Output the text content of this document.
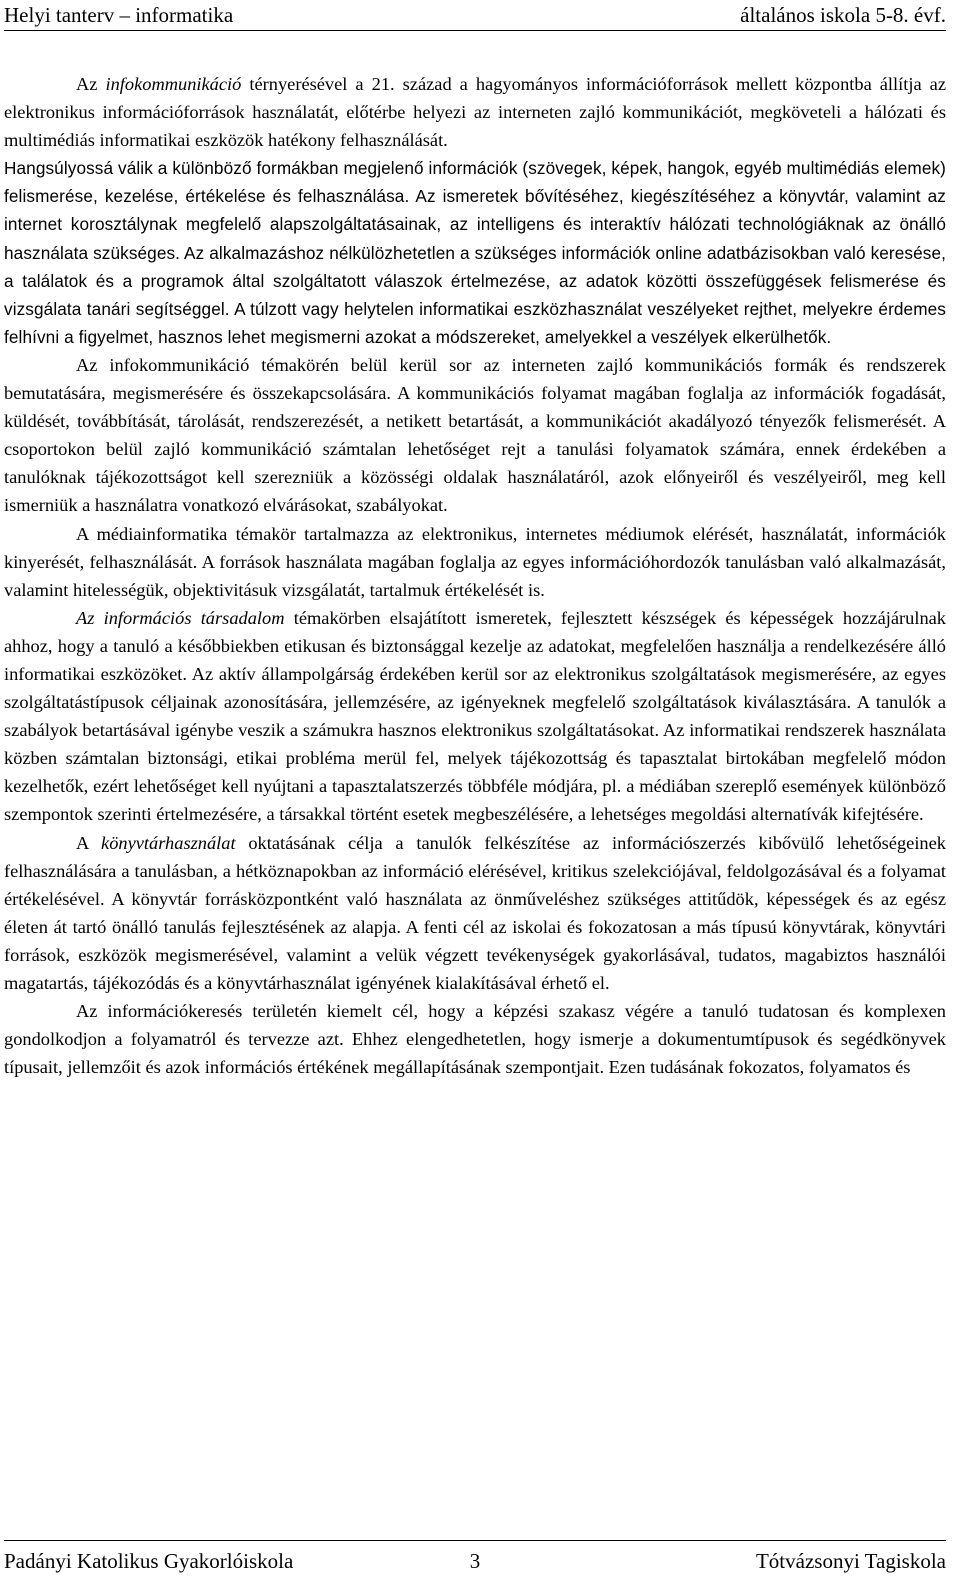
Helyi tanterv – informatika	általános iskola 5-8. évf.

Az infokommunikáció térnyerésével a 21. század a hagyományos információforrások mellett központba állítja az elektronikus információforrások használatát, előtérbe helyezi az interneten zajló kommunikációt, megköveteli a hálózati és multimédiás informatikai eszközök hatékony felhasználását.

Hangsúlyossá válik a különböző formákban megjelenő információk (szövegek, képek, hangok, egyéb multimédiás elemek) felismerése, kezelése, értékelése és felhasználása. Az ismeretek bővítéséhez, kiegészítéséhez a könyvtár, valamint az internet korosztálynak megfelelő alapszolgáltatásainak, az intelligens és interaktív hálózati technológiáknak az önálló használata szükséges. Az alkalmazáshoz nélkülözhetetlen a szükséges információk online adatbázisokban való keresése, a találatok és a programok által szolgáltatott válaszok értelmezése, az adatok közötti összefüggések felismerése és vizsgálata tanári segítséggel. A túlzott vagy helytelen informatikai eszközhasználat veszélyeket rejthet, melyekre érdemes felhívni a figyelmet, hasznos lehet megismerni azokat a módszereket, amelyekkel a veszélyek elkerülhetők.

Az infokommunikáció témakörén belül kerül sor az interneten zajló kommunikációs formák és rendszerek bemutatására, megismerésére és összekapcsolására. A kommunikációs folyamat magában foglalja az információk fogadását, küldését, továbbítását, tárolását, rendszerezését, a netikett betartását, a kommunikációt akadályozó tényezők felismerését. A csoportokon belül zajló kommunikáció számtalan lehetőséget rejt a tanulási folyamatok számára, ennek érdekében a tanulóknak tájékozottságot kell szerezniük a közösségi oldalak használatáról, azok előnyeiről és veszélyeiről, meg kell ismerniük a használatra vonatkozó elvárásokat, szabályokat.

A médiainformatika témakör tartalmazza az elektronikus, internetes médiumok elérését, használatát, információk kinyerését, felhasználását. A források használata magában foglalja az egyes információhordozók tanulásban való alkalmazását, valamint hitelességük, objektivitásuk vizsgálatát, tartalmuk értékelését is.

Az információs társadalom témakörben elsajátított ismeretek, fejlesztett készségek és képességek hozzájárulnak ahhoz, hogy a tanuló a későbbiekben etikusan és biztonsággal kezelje az adatokat, megfelelően használja a rendelkezésére álló informatikai eszközöket. Az aktív állampolgárság érdekében kerül sor az elektronikus szolgáltatások megismerésére, az egyes szolgáltatástípusok céljainak azonosítására, jellemzésére, az igényeknek megfelelő szolgáltatások kiválasztására. A tanulók a szabályok betartásával igénybe veszik a számukra hasznos elektronikus szolgáltatásokat. Az informatikai rendszerek használata közben számtalan biztonsági, etikai probléma merül fel, melyek tájékozottság és tapasztalat birtokában megfelelő módon kezelhetők, ezért lehetőséget kell nyújtani a tapasztalatszerzés többféle módjára, pl. a médiában szereplő események különböző szempontok szerinti értelmezésére, a társakkal történt esetek megbeszélésére, a lehetséges megoldási alternatívák kifejtésére.

A könyvtárhasználat oktatásának célja a tanulók felkészítése az információszerzés kibővülő lehetőségeinek felhasználására a tanulásban, a hétköznapokban az információ elérésével, kritikus szelekciójával, feldolgozásával és a folyamat értékelésével. A könyvtár forrásközpontként való használata az önműveléshez szükséges attitűdök, képességek és az egész életen át tartó önálló tanulás fejlesztésének az alapja. A fenti cél az iskolai és fokozatosan a más típusú könyvtárak, könyvtári források, eszközök megismerésével, valamint a velük végzett tevékenységek gyakorlásával, tudatos, magabiztos használói magatartás, tájékozódás és a könyvtárhasználat igényének kialakításával érhető el.

Az információkeresés területén kiemelt cél, hogy a képzési szakasz végére a tanuló tudatosan és komplexen gondolkodjon a folyamatról és tervezze azt. Ehhez elengedhetetlen, hogy ismerje a dokumentumtípusok és segédkönyvek típusait, jellemzőit és azok információs értékének megállapításának szempontjait. Ezen tudásának fokozatos, folyamatos és

Padányi Katolikus Gyakorlóiskola	3	Tótvázsonyi Tagiskola
